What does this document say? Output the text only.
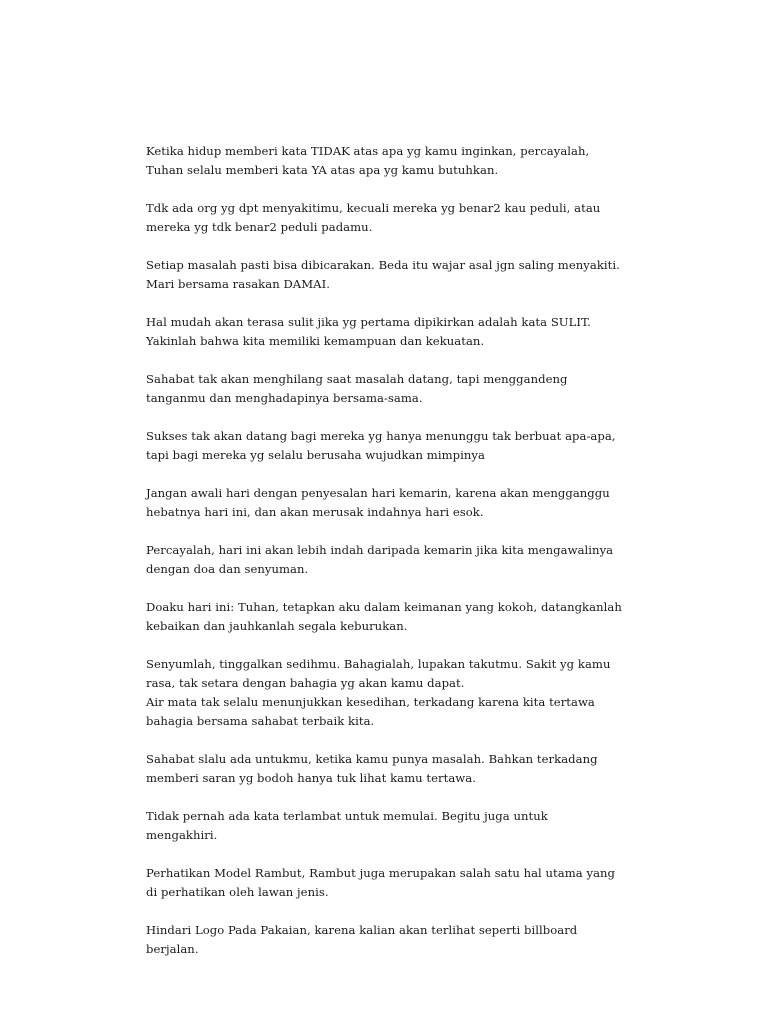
Ketika hidup memberi kata TIDAK atas apa yg kamu inginkan, percayalah,
Tuhan selalu memberi kata YA atas apa yg kamu butuhkan.

Tdk ada org yg dpt menyakitimu, kecuali mereka yg benar2 kau peduli, atau
mereka yg tdk benar2 peduli padamu.

Setiap masalah pasti bisa dibicarakan. Beda itu wajar asal jgn saling menyakiti.
Mari bersama rasakan DAMAI.

Hal mudah akan terasa sulit jika yg pertama dipikirkan adalah kata SULIT.
Yakinlah bahwa kita memiliki kemampuan dan kekuatan.

Sahabat tak akan menghilang saat masalah datang, tapi menggandeng
tanganmu dan menghadapinya bersama-sama.

Sukses tak akan datang bagi mereka yg hanya menunggu tak berbuat apa-apa,
tapi bagi mereka yg selalu berusaha wujudkan mimpinya

Jangan awali hari dengan penyesalan hari kemarin, karena akan mengganggu
hebatnya hari ini, dan akan merusak indahnya hari esok.

Percayalah, hari ini akan lebih indah daripada kemarin jika kita mengawalinya
dengan doa dan senyuman.

Doaku hari ini: Tuhan, tetapkan aku dalam keimanan yang kokoh, datangkanlah
kebaikan dan jauhkanlah segala keburukan.

Senyumlah, tinggalkan sedihmu. Bahagialah, lupakan takutmu. Sakit yg kamu
rasa, tak setara dengan bahagia yg akan kamu dapat.
Air mata tak selalu menunjukkan kesedihan, terkadang karena kita tertawa
bahagia bersama sahabat terbaik kita.

Sahabat slalu ada untukmu, ketika kamu punya masalah. Bahkan terkadang
memberi saran yg bodoh hanya tuk lihat kamu tertawa.

Tidak pernah ada kata terlambat untuk memulai. Begitu juga untuk
mengakhiri.

Perhatikan Model Rambut, Rambut juga merupakan salah satu hal utama yang
di perhatikan oleh lawan jenis.

Hindari Logo Pada Pakaian, karena kalian akan terlihat seperti billboard
berjalan.
